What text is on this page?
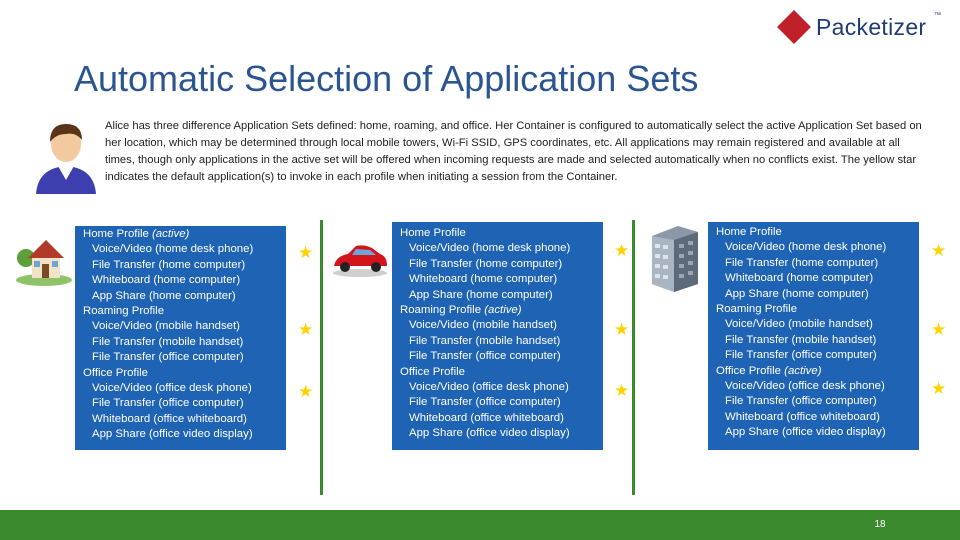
Packetizer ™
Automatic Selection of Application Sets

Alice has three difference Application Sets defined: home, roaming, and office. Her Container is configured to automatically select the active Application Set based on her location, which may be determined through local mobile towers, Wi-Fi SSID, GPS coordinates, etc. All applications may remain registered and available at all times, though only applications in the active set will be offered when incoming requests are made and selected automatically when no conflicts exist. The yellow star indicates the default application(s) to invoke in each profile when initiating a session from the Container.

Home Profile (active)
Voice/Video (home desk phone)
File Transfer (home computer)
Whiteboard (home computer)
App Share (home computer)
Roaming Profile
Voice/Video (mobile handset)
File Transfer (mobile handset)
File Transfer (office computer)
Office Profile
Voice/Video (office desk phone)
File Transfer (office computer)
Whiteboard (office whiteboard)
App Share (office video display)
★
★
★
Home Profile
Voice/Video (home desk phone)
File Transfer (home computer)
Whiteboard (home computer)
App Share (home computer)
Roaming Profile (active)
Voice/Video (mobile handset)
File Transfer (mobile handset)
File Transfer (office computer)
Office Profile
Voice/Video (office desk phone)
File Transfer (office computer)
Whiteboard (office whiteboard)
App Share (office video display)
★
★
★
Home Profile
Voice/Video (home desk phone)
File Transfer (home computer)
Whiteboard (home computer)
App Share (home computer)
Roaming Profile
Voice/Video (mobile handset)
File Transfer (mobile handset)
File Transfer (office computer)
Office Profile (active)
Voice/Video (office desk phone)
File Transfer (office computer)
Whiteboard (office whiteboard)
App Share (office video display)
★
★
★
18
